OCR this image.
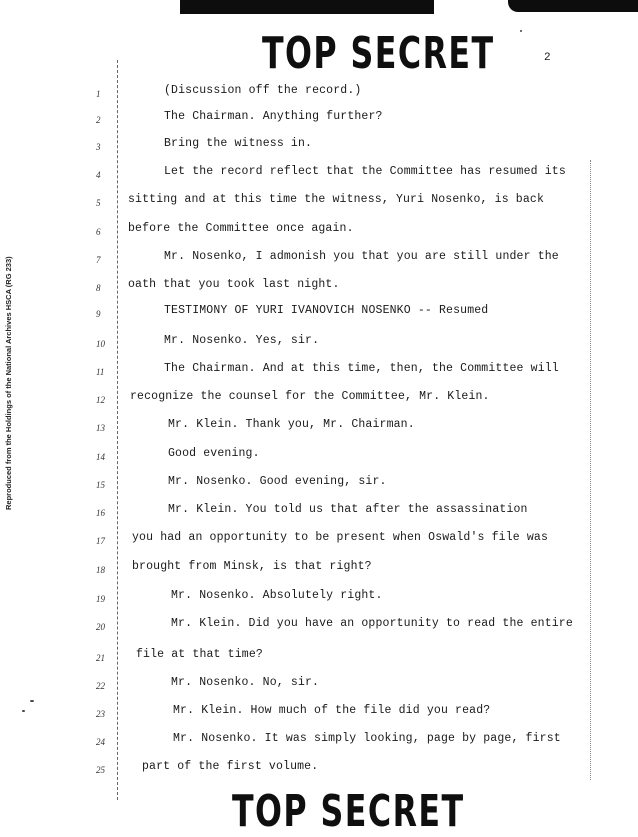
TOP SECRET	2
Reproduced from the Holdings of the National Archives HSCA (RG 233)
1	(Discussion off the record.)
2	The Chairman. Anything further?
3	Bring the witness in.
4	Let the record reflect that the Committee has resumed its
5	sitting and at this time the witness, Yuri Nosenko, is back
6	before the Committee once again.
7	Mr. Nosenko, I admonish you that you are still under the
8	oath that you took last night.
9	TESTIMONY OF YURI IVANOVICH NOSENKO -- Resumed
10	Mr. Nosenko. Yes, sir.
11	The Chairman. And at this time, then, the Committee will
12	recognize the counsel for the Committee, Mr. Klein.
13	Mr. Klein. Thank you, Mr. Chairman.
14	Good evening.
15	Mr. Nosenko. Good evening, sir.
16	Mr. Klein. You told us that after the assassination
17	you had an opportunity to be present when Oswald's file was
18	brought from Minsk, is that right?
19	Mr. Nosenko. Absolutely right.
20	Mr. Klein. Did you have an opportunity to read the entire
21	file at that time?
22	Mr. Nosenko. No, sir.
23	Mr. Klein. How much of the file did you read?
24	Mr. Nosenko. It was simply looking, page by page, first
25	part of the first volume.
TOP SECRET
